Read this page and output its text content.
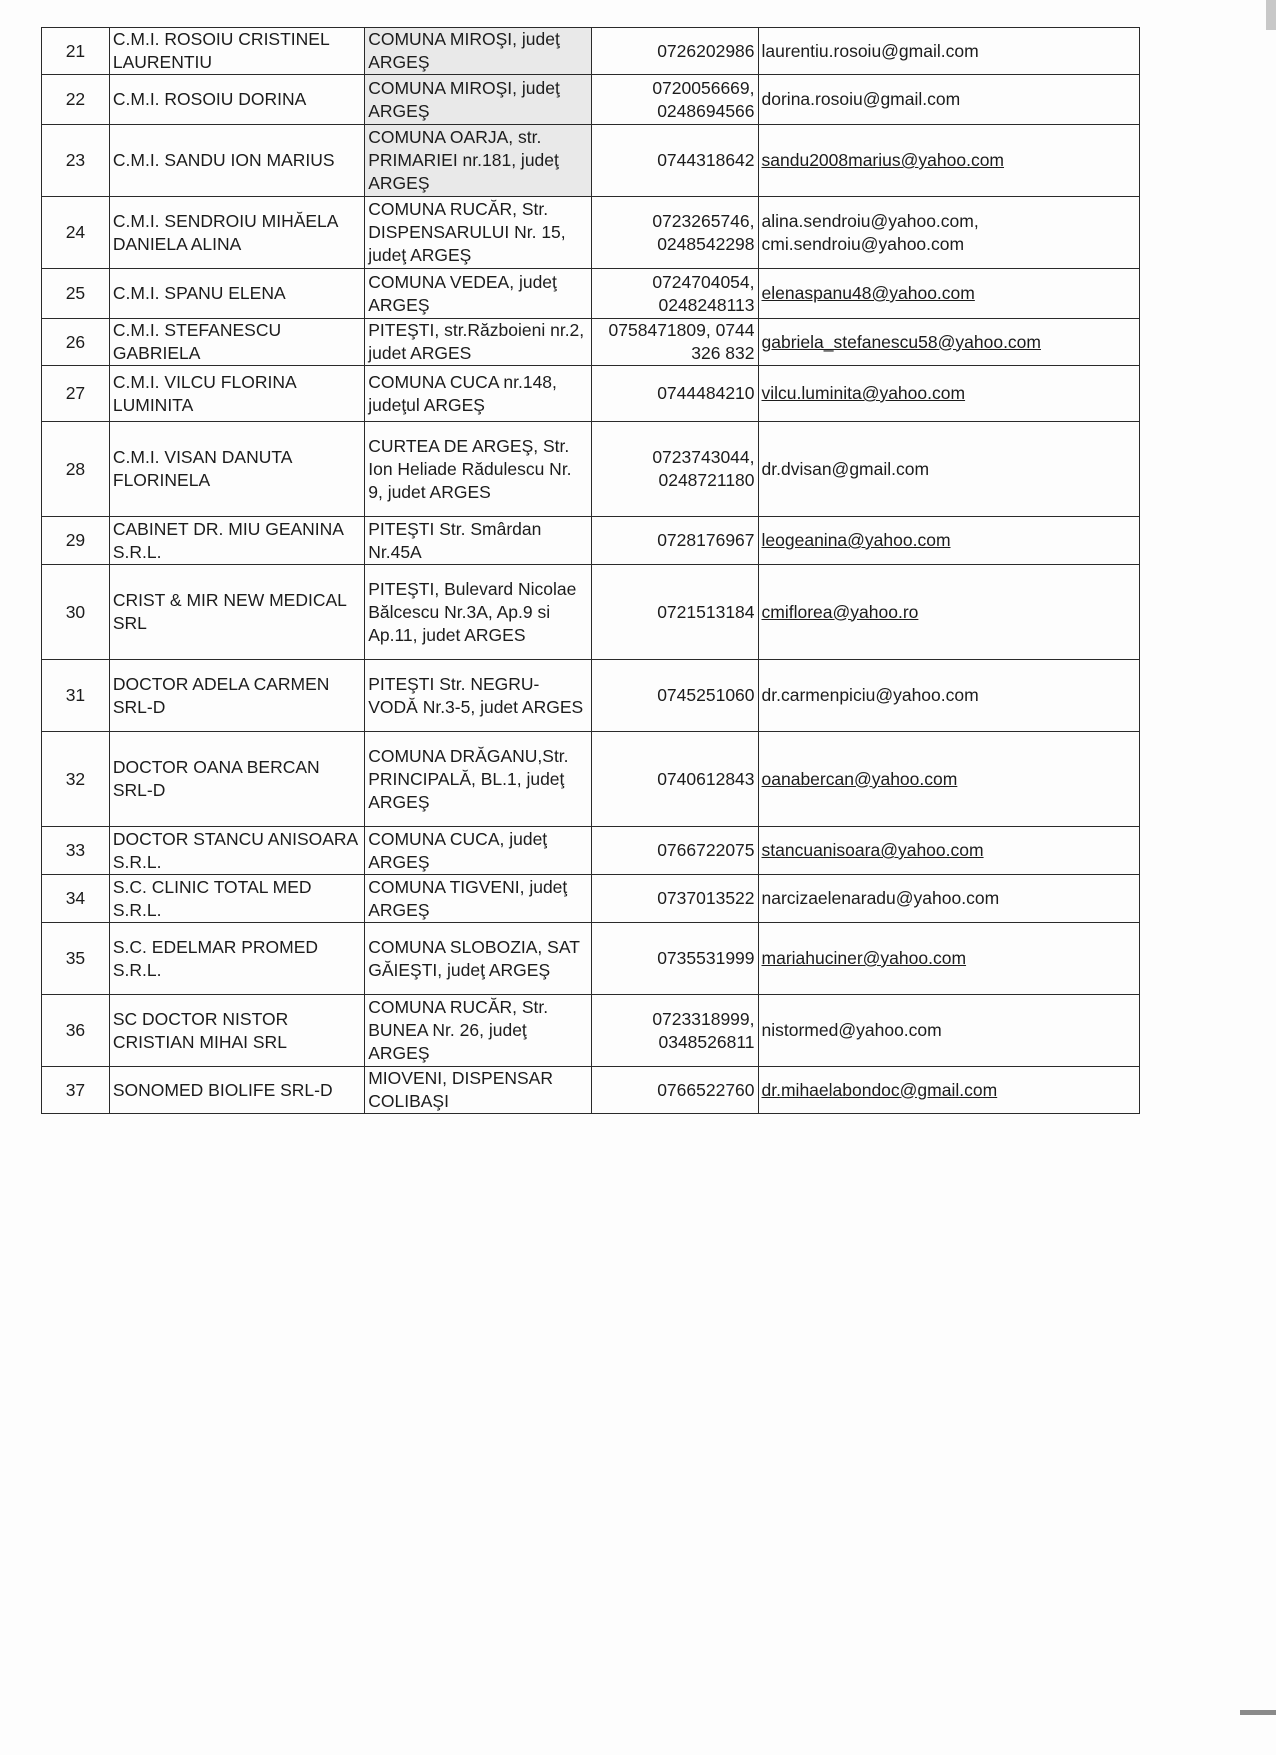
21	C.M.I. ROSOIU CRISTINEL LAURENTIU	COMUNA MIROŞI, judeţ ARGEŞ	0726202986	laurentiu.rosoiu@gmail.com
22	C.M.I. ROSOIU DORINA	COMUNA MIROŞI, judeţ ARGEŞ	0720056669, 0248694566	dorina.rosoiu@gmail.com
23	C.M.I. SANDU ION MARIUS	COMUNA OARJA, str. PRIMARIEI nr.181, judeţ ARGEŞ	0744318642	sandu2008marius@yahoo.com
24	C.M.I. SENDROIU MIHĂELA DANIELA ALINA	COMUNA RUCĂR, Str. DISPENSARULUI Nr. 15, judeţ ARGEŞ	0723265746, 0248542298	alina.sendroiu@yahoo.com, cmi.sendroiu@yahoo.com
25	C.M.I. SPANU ELENA	COMUNA VEDEA, judeţ ARGEŞ	0724704054, 0248248113	elenaspanu48@yahoo.com
26	C.M.I. STEFANESCU GABRIELA	PITEŞTI, str.Războieni nr.2, judet ARGES	0758471809, 0744 326 832	gabriela_stefanescu58@yahoo.com
27	C.M.I. VILCU FLORINA LUMINITA	COMUNA CUCA nr.148, judeţul ARGEŞ	0744484210	vilcu.luminita@yahoo.com
28	C.M.I. VISAN DANUTA FLORINELA	CURTEA DE ARGEŞ, Str. Ion Heliade Rădulescu Nr. 9, judet ARGES	0723743044, 0248721180	dr.dvisan@gmail.com
29	CABINET DR. MIU GEANINA S.R.L.	PITEŞTI Str. Smârdan Nr.45A	0728176967	leogeanina@yahoo.com
30	CRIST & MIR NEW MEDICAL SRL	PITEŞTI, Bulevard Nicolae Bălcescu Nr.3A, Ap.9 si Ap.11, judet ARGES	0721513184	cmiflorea@yahoo.ro
31	DOCTOR ADELA CARMEN SRL-D	PITEŞTI Str. NEGRU-VODĂ Nr.3-5, judet ARGES	0745251060	dr.carmenpiciu@yahoo.com
32	DOCTOR OANA BERCAN SRL-D	COMUNA DRĂGANU,Str. PRINCIPALĂ, BL.1, judeţ ARGEŞ	0740612843	oanabercan@yahoo.com
33	DOCTOR STANCU ANISOARA S.R.L.	COMUNA CUCA, judeţ ARGEŞ	0766722075	stancuanisoara@yahoo.com
34	S.C. CLINIC TOTAL MED S.R.L.	COMUNA TIGVENI, judeţ ARGEŞ	0737013522	narcizaelenaradu@yahoo.com
35	S.C. EDELMAR PROMED S.R.L.	COMUNA SLOBOZIA, SAT GĂIEŞTI, judeţ ARGEŞ	0735531999	mariahuciner@yahoo.com
36	SC DOCTOR NISTOR CRISTIAN MIHAI SRL	COMUNA RUCĂR, Str. BUNEA Nr. 26, judeţ ARGEŞ	0723318999, 0348526811	nistormed@yahoo.com
37	SONOMED BIOLIFE SRL-D	MIOVENI, DISPENSAR COLIBAŞI	0766522760	dr.mihaelabondoc@gmail.com
